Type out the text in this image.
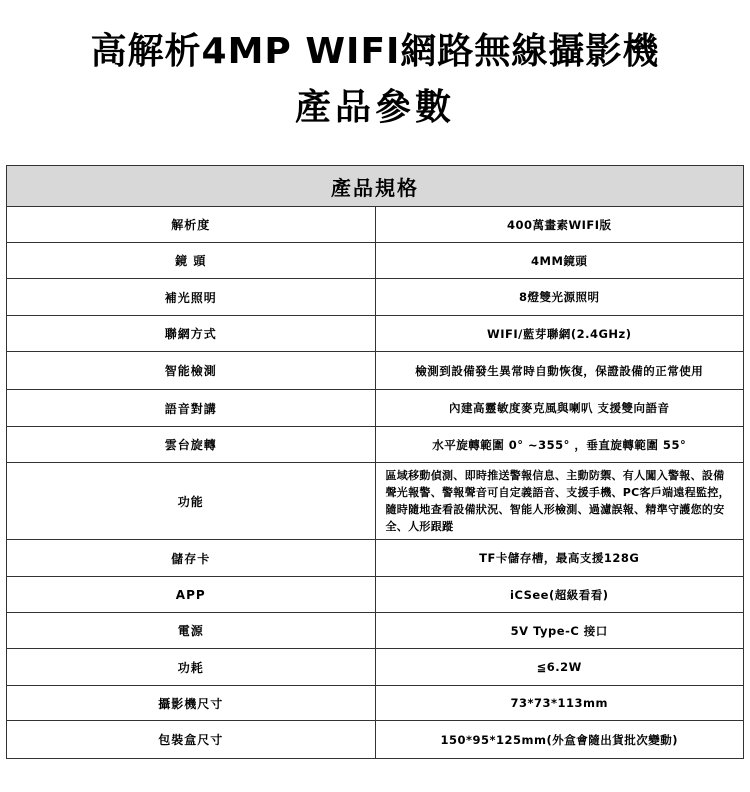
高解析4MP WIFI網路無線攝影機
產品參數
產品規格	
解析度	400萬畫素WIFI版
鏡 頭	4MM鏡頭
補光照明	8燈雙光源照明
聯網方式	WIFI/藍芽聯網(2.4GHz)
智能檢測	檢測到設備發生異常時自動恢復，保證設備的正常使用
語音對講	內建高靈敏度麥克風與喇叭 支援雙向語音
雲台旋轉	水平旋轉範圍 0° ~355° ，垂直旋轉範圍 55°
功能	區域移動偵測、即時推送警報信息、主動防禦、有人闖入警報、設備聲光報警、警報聲音可自定義語音、支援手機、PC客戶端遠程監控，隨時隨地查看設備狀況、智能人形檢測、過濾誤報、精準守護您的安全、人形跟蹤
儲存卡	TF卡儲存槽，最高支援128G
APP	iCSee(超級看看)
電源	5V Type-C 接口
功耗	≦6.2W
攝影機尺寸	73*73*113mm
包裝盒尺寸	150*95*125mm(外盒會隨出貨批次變動)
